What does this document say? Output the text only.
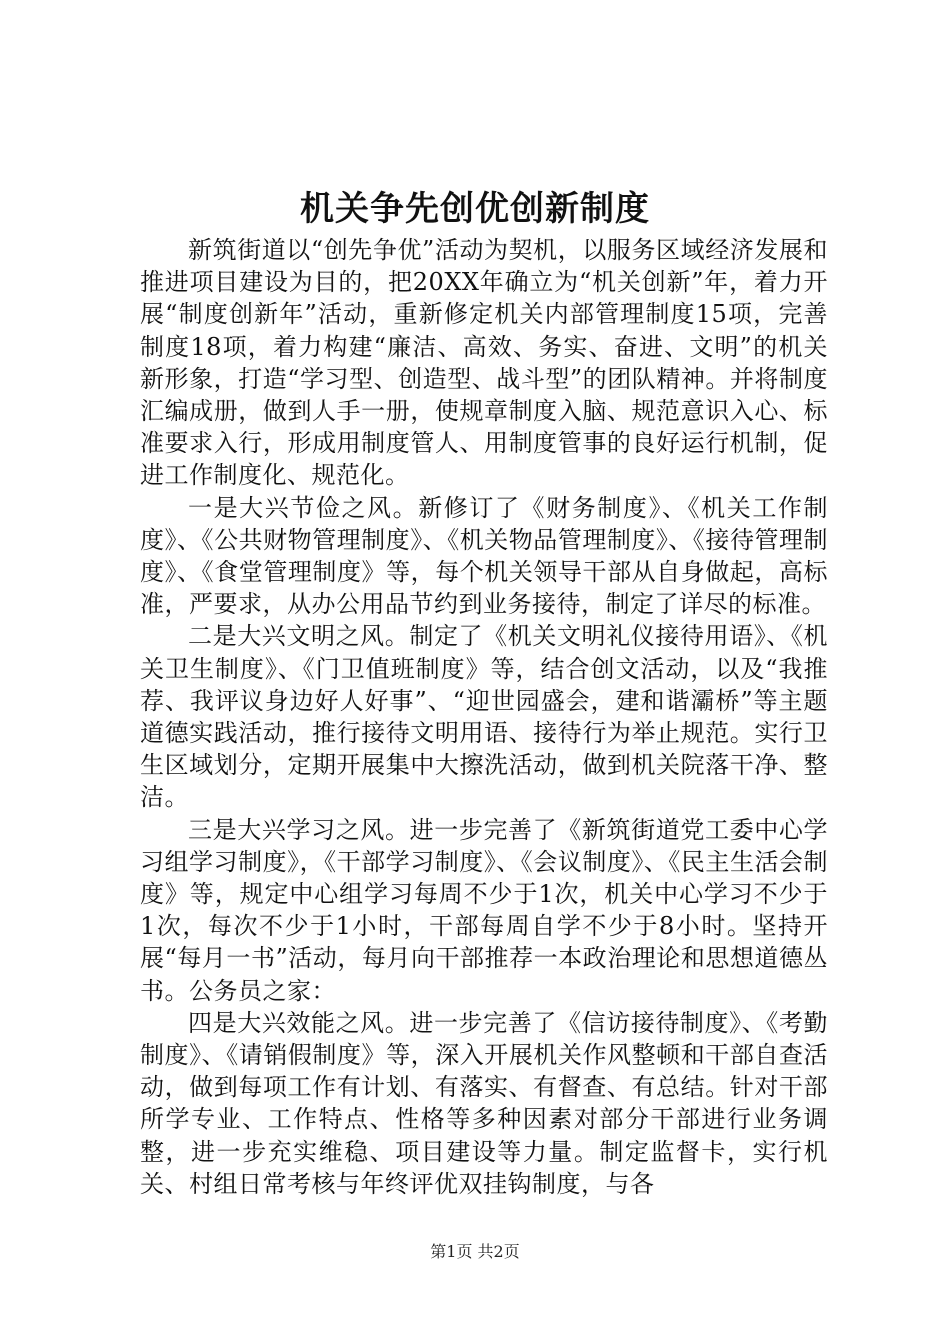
机关争先创优创新制度

新筑街道以“创先争优”活动为契机，以服务区域经济发展和推进项目建设为目的，把20XX年确立为“机关创新”年，着力开展“制度创新年”活动，重新修定机关内部管理制度15项，完善制度18项，着力构建“廉洁、高效、务实、奋进、文明”的机关新形象，打造“学习型、创造型、战斗型”的团队精神。并将制度汇编成册，做到人手一册，使规章制度入脑、规范意识入心、标准要求入行，形成用制度管人、用制度管事的良好运行机制，促进工作制度化、规范化。

一是大兴节俭之风。新修订了《财务制度》、《机关工作制度》、《公共财物管理制度》、《机关物品管理制度》、《接待管理制度》、《食堂管理制度》等，每个机关领导干部从自身做起，高标准，严要求，从办公用品节约到业务接待，制定了详尽的标准。

二是大兴文明之风。制定了《机关文明礼仪接待用语》、《机关卫生制度》、《门卫值班制度》等，结合创文活动，以及“我推荐、我评议身边好人好事”、“迎世园盛会，建和谐灞桥”等主题道德实践活动，推行接待文明用语、接待行为举止规范。实行卫生区域划分，定期开展集中大擦洗活动，做到机关院落干净、整洁。

三是大兴学习之风。进一步完善了《新筑街道党工委中心学习组学习制度》，《干部学习制度》、《会议制度》、《民主生活会制度》等，规定中心组学习每周不少于1次，机关中心学习不少于1次，每次不少于1小时，干部每周自学不少于8小时。坚持开展“每月一书”活动，每月向干部推荐一本政治理论和思想道德丛书。公务员之家：

四是大兴效能之风。进一步完善了《信访接待制度》、《考勤制度》、《请销假制度》等，深入开展机关作风整顿和干部自查活动，做到每项工作有计划、有落实、有督查、有总结。针对干部所学专业、工作特点、性格等多种因素对部分干部进行业务调整，进一步充实维稳、项目建设等力量。制定监督卡，实行机关、村组日常考核与年终评优双挂钩制度，与各

第1页 共2页
